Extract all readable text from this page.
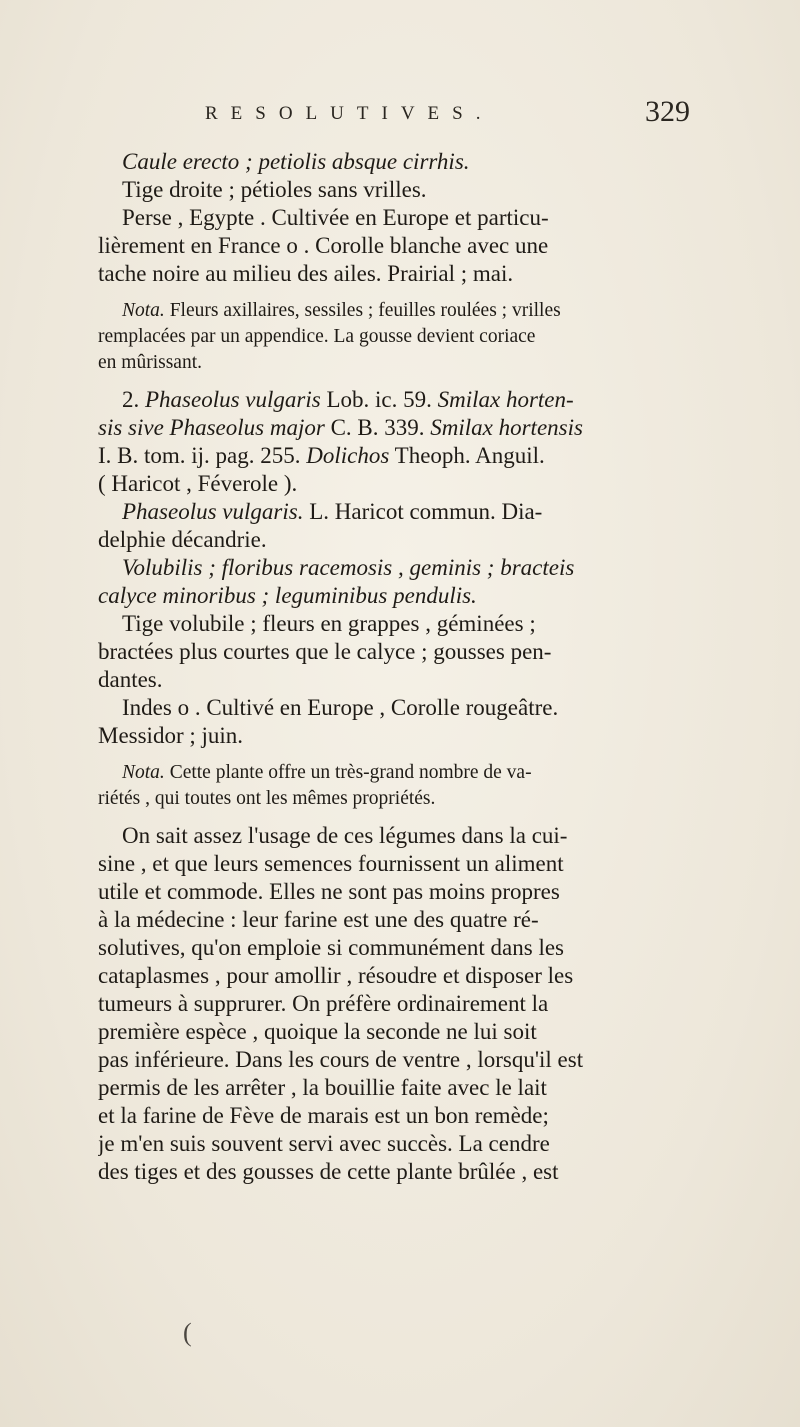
RESOLUTIVES.	329
Caule erecto ; petiolis absque cirrhis.
Tige droite ; pétioles sans vrilles.
Perse , Egypte . Cultivée en Europe et particu-
lièrement en France o . Corolle blanche avec une
tache noire au milieu des ailes. Prairial ; mai.
Nota. Fleurs axillaires, sessiles ; feuilles roulées ; vrilles
remplacées par un appendice. La gousse devient coriace
en mûrissant.
2. Phaseolus vulgaris Lob. ic. 59. Smilax horten-
sis sive Phaseolus major C. B. 339. Smilax hortensis
I. B. tom. ij. pag. 255. Dolichos Theoph. Anguil.
( Haricot , Féverole ).
Phaseolus vulgaris. L. Haricot commun. Dia-
delphie décandrie.
Volubilis ; floribus racemosis , geminis ; bracteis
calyce minoribus ; leguminibus pendulis.
Tige volubile ; fleurs en grappes , géminées ;
bractées plus courtes que le calyce ; gousses pen-
dantes.
Indes o . Cultivé en Europe , Corolle rougeâtre.
Messidor ; juin.
Nota. Cette plante offre un très-grand nombre de va-
riétés , qui toutes ont les mêmes propriétés.
On sait assez l'usage de ces légumes dans la cui-
sine , et que leurs semences fournissent un aliment
utile et commode. Elles ne sont pas moins propres
à la médecine : leur farine est une des quatre ré-
solutives, qu'on emploie si communément dans les
cataplasmes , pour amollir , résoudre et disposer les
tumeurs à supprurer. On préfère ordinairement la
première espèce , quoique la seconde ne lui soit
pas inférieure. Dans les cours de ventre , lorsqu'il est
permis de les arrêter , la bouillie faite avec le lait
et la farine de Fève de marais est un bon remède;
je m'en suis souvent servi avec succès. La cendre
des tiges et des gousses de cette plante brûlée , est
(
